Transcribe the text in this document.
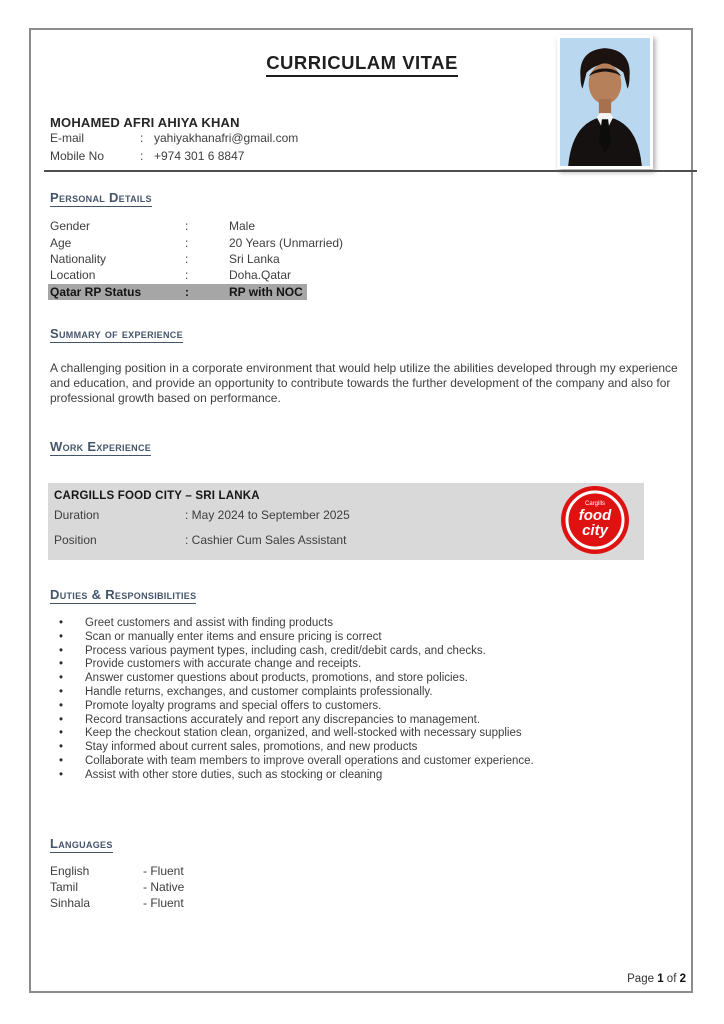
CURRICULAM VITAE
MOHAMED AFRI AHIYA KHAN
E-mail	: yahiyakhanafri@gmail.com
Mobile No	: +974 301 6 8847
Personal Details
Gender	:	Male
Age	:	20 Years (Unmarried)
Nationality	:	Sri Lanka
Location	:	Doha.Qatar
Qatar RP Status	:	RP with NOC
Summary of experience
A challenging position in a corporate environment that would help utilize the abilities developed through my experience and education, and provide an opportunity to contribute towards the further development of the company and also for professional growth based on performance.
Work Experience
CARGILLS FOOD CITY – SRI LANKA
Duration	: May 2024 to September 2025
Position	: Cashier Cum Sales Assistant
Cargills
food
city
Duties & Responsibilities
• Greet customers and assist with finding products
• Scan or manually enter items and ensure pricing is correct
• Process various payment types, including cash, credit/debit cards, and checks.
• Provide customers with accurate change and receipts.
• Answer customer questions about products, promotions, and store policies.
• Handle returns, exchanges, and customer complaints professionally.
• Promote loyalty programs and special offers to customers.
• Record transactions accurately and report any discrepancies to management.
• Keep the checkout station clean, organized, and well-stocked with necessary supplies
• Stay informed about current sales, promotions, and new products
• Collaborate with team members to improve overall operations and customer experience.
• Assist with other store duties, such as stocking or cleaning
Languages
English	- Fluent
Tamil	- Native
Sinhala	- Fluent
Page 1 of 2
